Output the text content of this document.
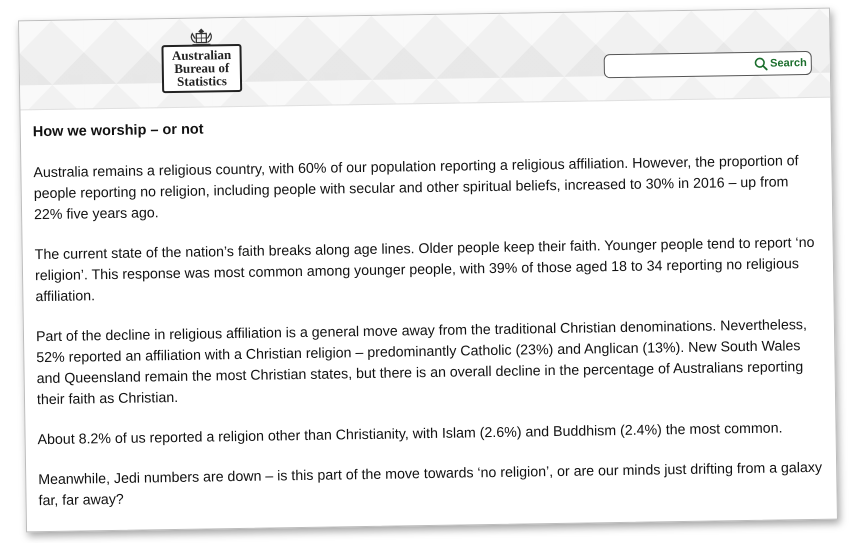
Australian
Bureau of
Statistics
Search
How we worship – or not

Australia remains a religious country, with 60% of our population reporting a religious affiliation. However, the proportion of people reporting no religion, including people with secular and other spiritual beliefs, increased to 30% in 2016 – up from 22% five years ago.

The current state of the nation’s faith breaks along age lines. Older people keep their faith. Younger people tend to report ‘no religion’. This response was most common among younger people, with 39% of those aged 18 to 34 reporting no religious affiliation.

Part of the decline in religious affiliation is a general move away from the traditional Christian denominations. Nevertheless, 52% reported an affiliation with a Christian religion – predominantly Catholic (23%) and Anglican (13%). New South Wales and Queensland remain the most Christian states, but there is an overall decline in the percentage of Australians reporting their faith as Christian.

About 8.2% of us reported a religion other than Christianity, with Islam (2.6%) and Buddhism (2.4%) the most common.

Meanwhile, Jedi numbers are down – is this part of the move towards ‘no religion’, or are our minds just drifting from a galaxy far, far away?
